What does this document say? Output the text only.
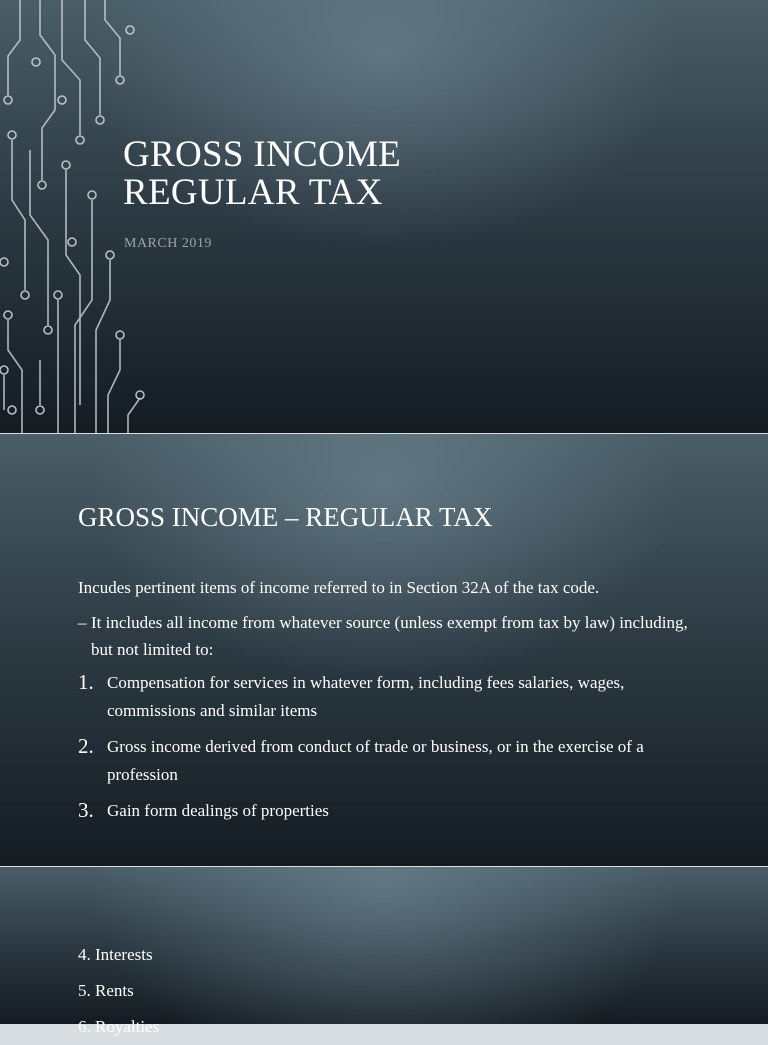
GROSS INCOME
REGULAR TAX
MARCH 2019
GROSS INCOME – REGULAR TAX

Incudes pertinent items of income referred to in Section 32A of the tax code.

– It includes all income from whatever source (unless exempt from tax by law) including, but not limited to:
1. Compensation for services in whatever form, including fees salaries, wages, commissions and similar items
2. Gross income derived from conduct of trade or business, or in the exercise of a profession
3. Gain form dealings of properties
4. Interests
5. Rents
6. Royalties
